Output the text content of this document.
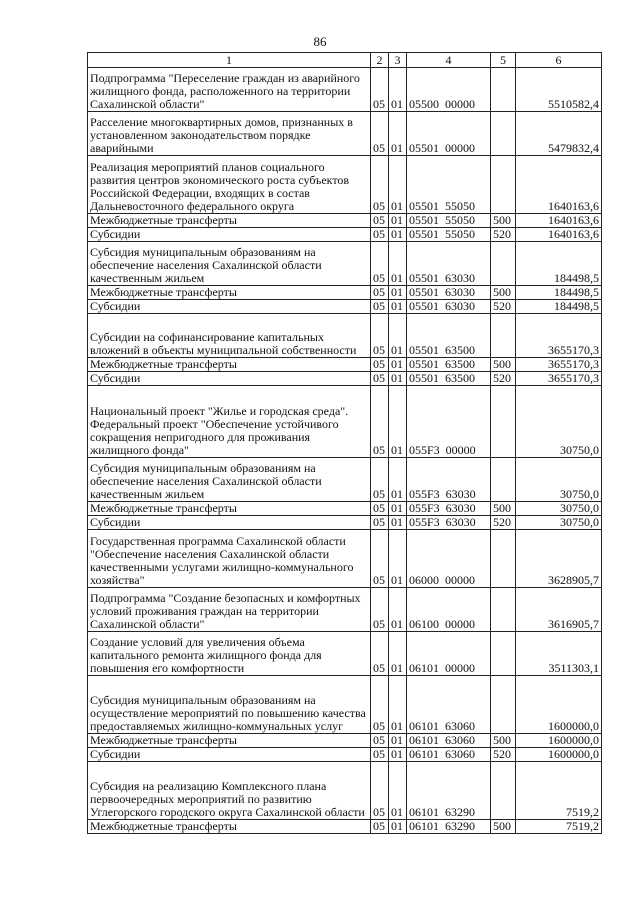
86
1	2	3	4	5	6
Подпрограмма "Переселение граждан из аварийного жилищного фонда, расположенного на территории Сахалинской области"	05	01	05500  00000		5510582,4
Расселение многоквартирных домов, признанных в установленном законодательством порядке аварийными	05	01	05501  00000		5479832,4
Реализация мероприятий планов социального развития центров экономического роста субъектов Российской Федерации, входящих в состав Дальневосточного федерального округа	05	01	05501  55050		1640163,6
Межбюджетные трансферты	05	01	05501  55050	500	1640163,6
Субсидии	05	01	05501  55050	520	1640163,6
Субсидия муниципальным образованиям на обеспечение населения Сахалинской области качественным жильем	05	01	05501  63030		184498,5
Межбюджетные трансферты	05	01	05501  63030	500	184498,5
Субсидии	05	01	05501  63030	520	184498,5
Субсидии на софинансирование капитальных вложений в объекты муниципальной собственности	05	01	05501  63500		3655170,3
Межбюджетные трансферты	05	01	05501  63500	500	3655170,3
Субсидии	05	01	05501  63500	520	3655170,3
Национальный проект "Жилье и городская среда". Федеральный проект "Обеспечение устойчивого сокращения непригодного для проживания жилищного фонда"	05	01	055F3  00000		30750,0
Субсидия муниципальным образованиям на обеспечение населения Сахалинской области качественным жильем	05	01	055F3  63030		30750,0
Межбюджетные трансферты	05	01	055F3  63030	500	30750,0
Субсидии	05	01	055F3  63030	520	30750,0
Государственная программа Сахалинской области "Обеспечение населения Сахалинской области качественными услугами жилищно-коммунального хозяйства"	05	01	06000  00000		3628905,7
Подпрограмма "Создание безопасных и комфортных условий проживания граждан на территории Сахалинской области"	05	01	06100  00000		3616905,7
Создание условий для увеличения объема капитального ремонта жилищного фонда для повышения его комфортности	05	01	06101  00000		3511303,1
Субсидия муниципальным образованиям на осуществление мероприятий по повышению качества предоставляемых жилищно-коммунальных услуг	05	01	06101  63060		1600000,0
Межбюджетные трансферты	05	01	06101  63060	500	1600000,0
Субсидии	05	01	06101  63060	520	1600000,0
Субсидия на реализацию Комплексного плана первоочередных мероприятий по развитию Углегорского городского округа Сахалинской области	05	01	06101  63290		7519,2
Межбюджетные трансферты	05	01	06101  63290	500	7519,2
